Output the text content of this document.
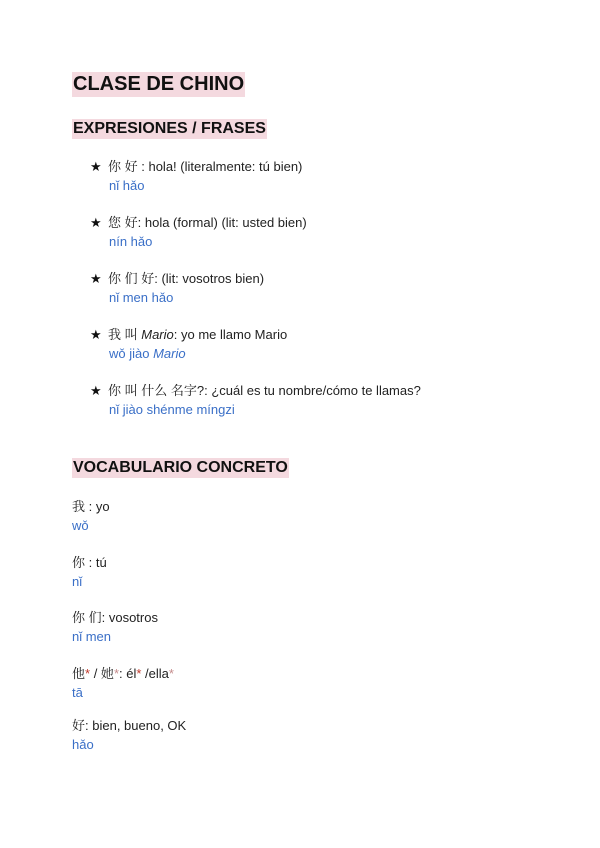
CLASE DE CHINO
EXPRESIONES / FRASES
★ 你 好 : hola! (literalmente: tú bien)
nǐ hǎo
★ 您 好: hola (formal) (lit: usted bien)
nín hǎo
★ 你 们 好: (lit: vosotros bien)
nǐ men hǎo
★ 我 叫 Mario: yo me llamo Mario
wǒ jiào Mario
★ 你 叫 什么 名字?: ¿cuál es tu nombre/cómo te llamas?
nǐ jiào shénme míngzi
VOCABULARIO CONCRETO
我 : yo
wǒ
你 : tú
nǐ
你 们: vosotros
nǐ men
他* / 她*: él* /ella*
tā
好: bien, bueno, OK
hǎo
